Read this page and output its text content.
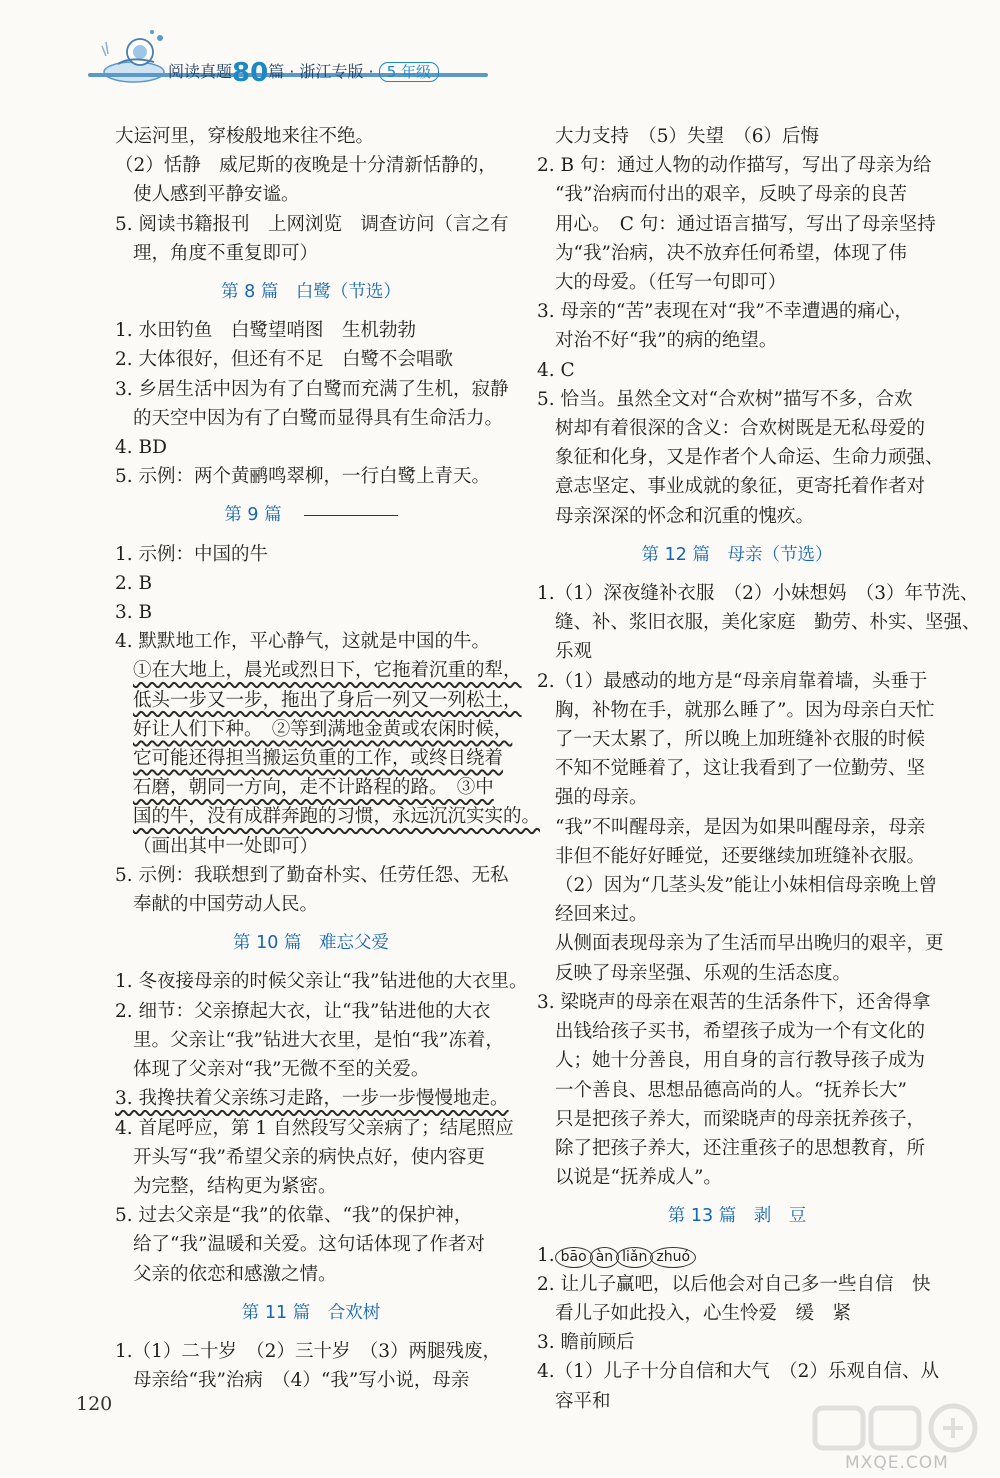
阅读真题80篇 · 浙江专版 · 5 年级
大运河里，穿梭般地来往不绝。
（2）恬静　威尼斯的夜晚是十分清新恬静的，
使人感到平静安谧。
5. 阅读书籍报刊　上网浏览　调查访问（言之有
理，角度不重复即可）
第 8 篇　白鹭（节选）
1. 水田钓鱼　白鹭望哨图　生机勃勃
2. 大体很好，但还有不足　白鹭不会唱歌
3. 乡居生活中因为有了白鹭而充满了生机，寂静
的天空中因为有了白鹭而显得具有生命活力。
4. BD
5. 示例：两个黄鹂鸣翠柳，一行白鹭上青天。
第 9 篇
1. 示例：中国的牛
2. B
3. B
4. 默默地工作，平心静气，这就是中国的牛。
①在大地上，晨光或烈日下，它拖着沉重的犁，
低头一步又一步，拖出了身后一列又一列松土，
好让人们下种。　②等到满地金黄或农闲时候，
它可能还得担当搬运负重的工作，或终日绕着
石磨，朝同一方向，走不计路程的路。　③中
国的牛，没有成群奔跑的习惯，永远沉沉实实的。
（画出其中一处即可）
5. 示例：我联想到了勤奋朴实、任劳任怨、无私
奉献的中国劳动人民。
第 10 篇　难忘父爱
1. 冬夜接母亲的时候父亲让“我”钻进他的大衣里。
2. 细节：父亲撩起大衣，让“我”钻进他的大衣
里。父亲让“我”钻进大衣里，是怕“我”冻着，
体现了父亲对“我”无微不至的关爱。
3. 我搀扶着父亲练习走路，一步一步慢慢地走。
4. 首尾呼应，第 1 自然段写父亲病了；结尾照应
开头写“我”希望父亲的病快点好，使内容更
为完整，结构更为紧密。
5. 过去父亲是“我”的依靠、“我”的保护神，
给了“我”温暖和关爱。这句话体现了作者对
父亲的依恋和感激之情。
第 11 篇　合欢树
1.（1）二十岁　（2）三十岁　（3）两腿残废，
母亲给“我”治病　（4）“我”写小说，母亲
大力支持　（5）失望　（6）后悔
2. B 句：通过人物的动作描写，写出了母亲为给
“我”治病而付出的艰辛，反映了母亲的良苦
用心。　C 句：通过语言描写，写出了母亲坚持
为“我”治病，决不放弃任何希望，体现了伟
大的母爱。（任写一句即可）
3. 母亲的“苦”表现在对“我”不幸遭遇的痛心，
对治不好“我”的病的绝望。
4. C
5. 恰当。虽然全文对“合欢树”描写不多，合欢
树却有着很深的含义：合欢树既是无私母爱的
象征和化身，又是作者个人命运、生命力顽强、
意志坚定、事业成就的象征，更寄托着作者对
母亲深深的怀念和沉重的愧疚。
第 12 篇　母亲（节选）
1.（1）深夜缝补衣服　（2）小妹想妈　（3）年节洗、
缝、补、浆旧衣服，美化家庭　勤劳、朴实、坚强、
乐观
2.（1）最感动的地方是“母亲肩靠着墙，头垂于
胸，补物在手，就那么睡了”。因为母亲白天忙
了一天太累了，所以晚上加班缝补衣服的时候
不知不觉睡着了，这让我看到了一位勤劳、坚
强的母亲。
“我”不叫醒母亲，是因为如果叫醒母亲，母亲
非但不能好好睡觉，还要继续加班缝补衣服。
（2）因为“几茎头发”能让小妹相信母亲晚上曾
经回来过。
从侧面表现母亲为了生活而早出晚归的艰辛，更
反映了母亲坚强、乐观的生活态度。
3. 梁晓声的母亲在艰苦的生活条件下，还舍得拿
出钱给孩子买书，希望孩子成为一个有文化的
人；她十分善良，用自身的言行教导孩子成为
一个善良、思想品德高尚的人。“抚养长大”
只是把孩子养大，而梁晓声的母亲抚养孩子，
除了把孩子养大，还注重孩子的思想教育，所
以说是“抚养成人”。
第 13 篇　剥　豆
1. bāo àn liǎn zhuó
2. 让儿子赢吧，以后他会对自己多一些自信　快
看儿子如此投入，心生怜爱　缓　紧
3. 瞻前顾后
4.（1）儿子十分自信和大气　（2）乐观自信、从
容平和
120
MXQE.COM
